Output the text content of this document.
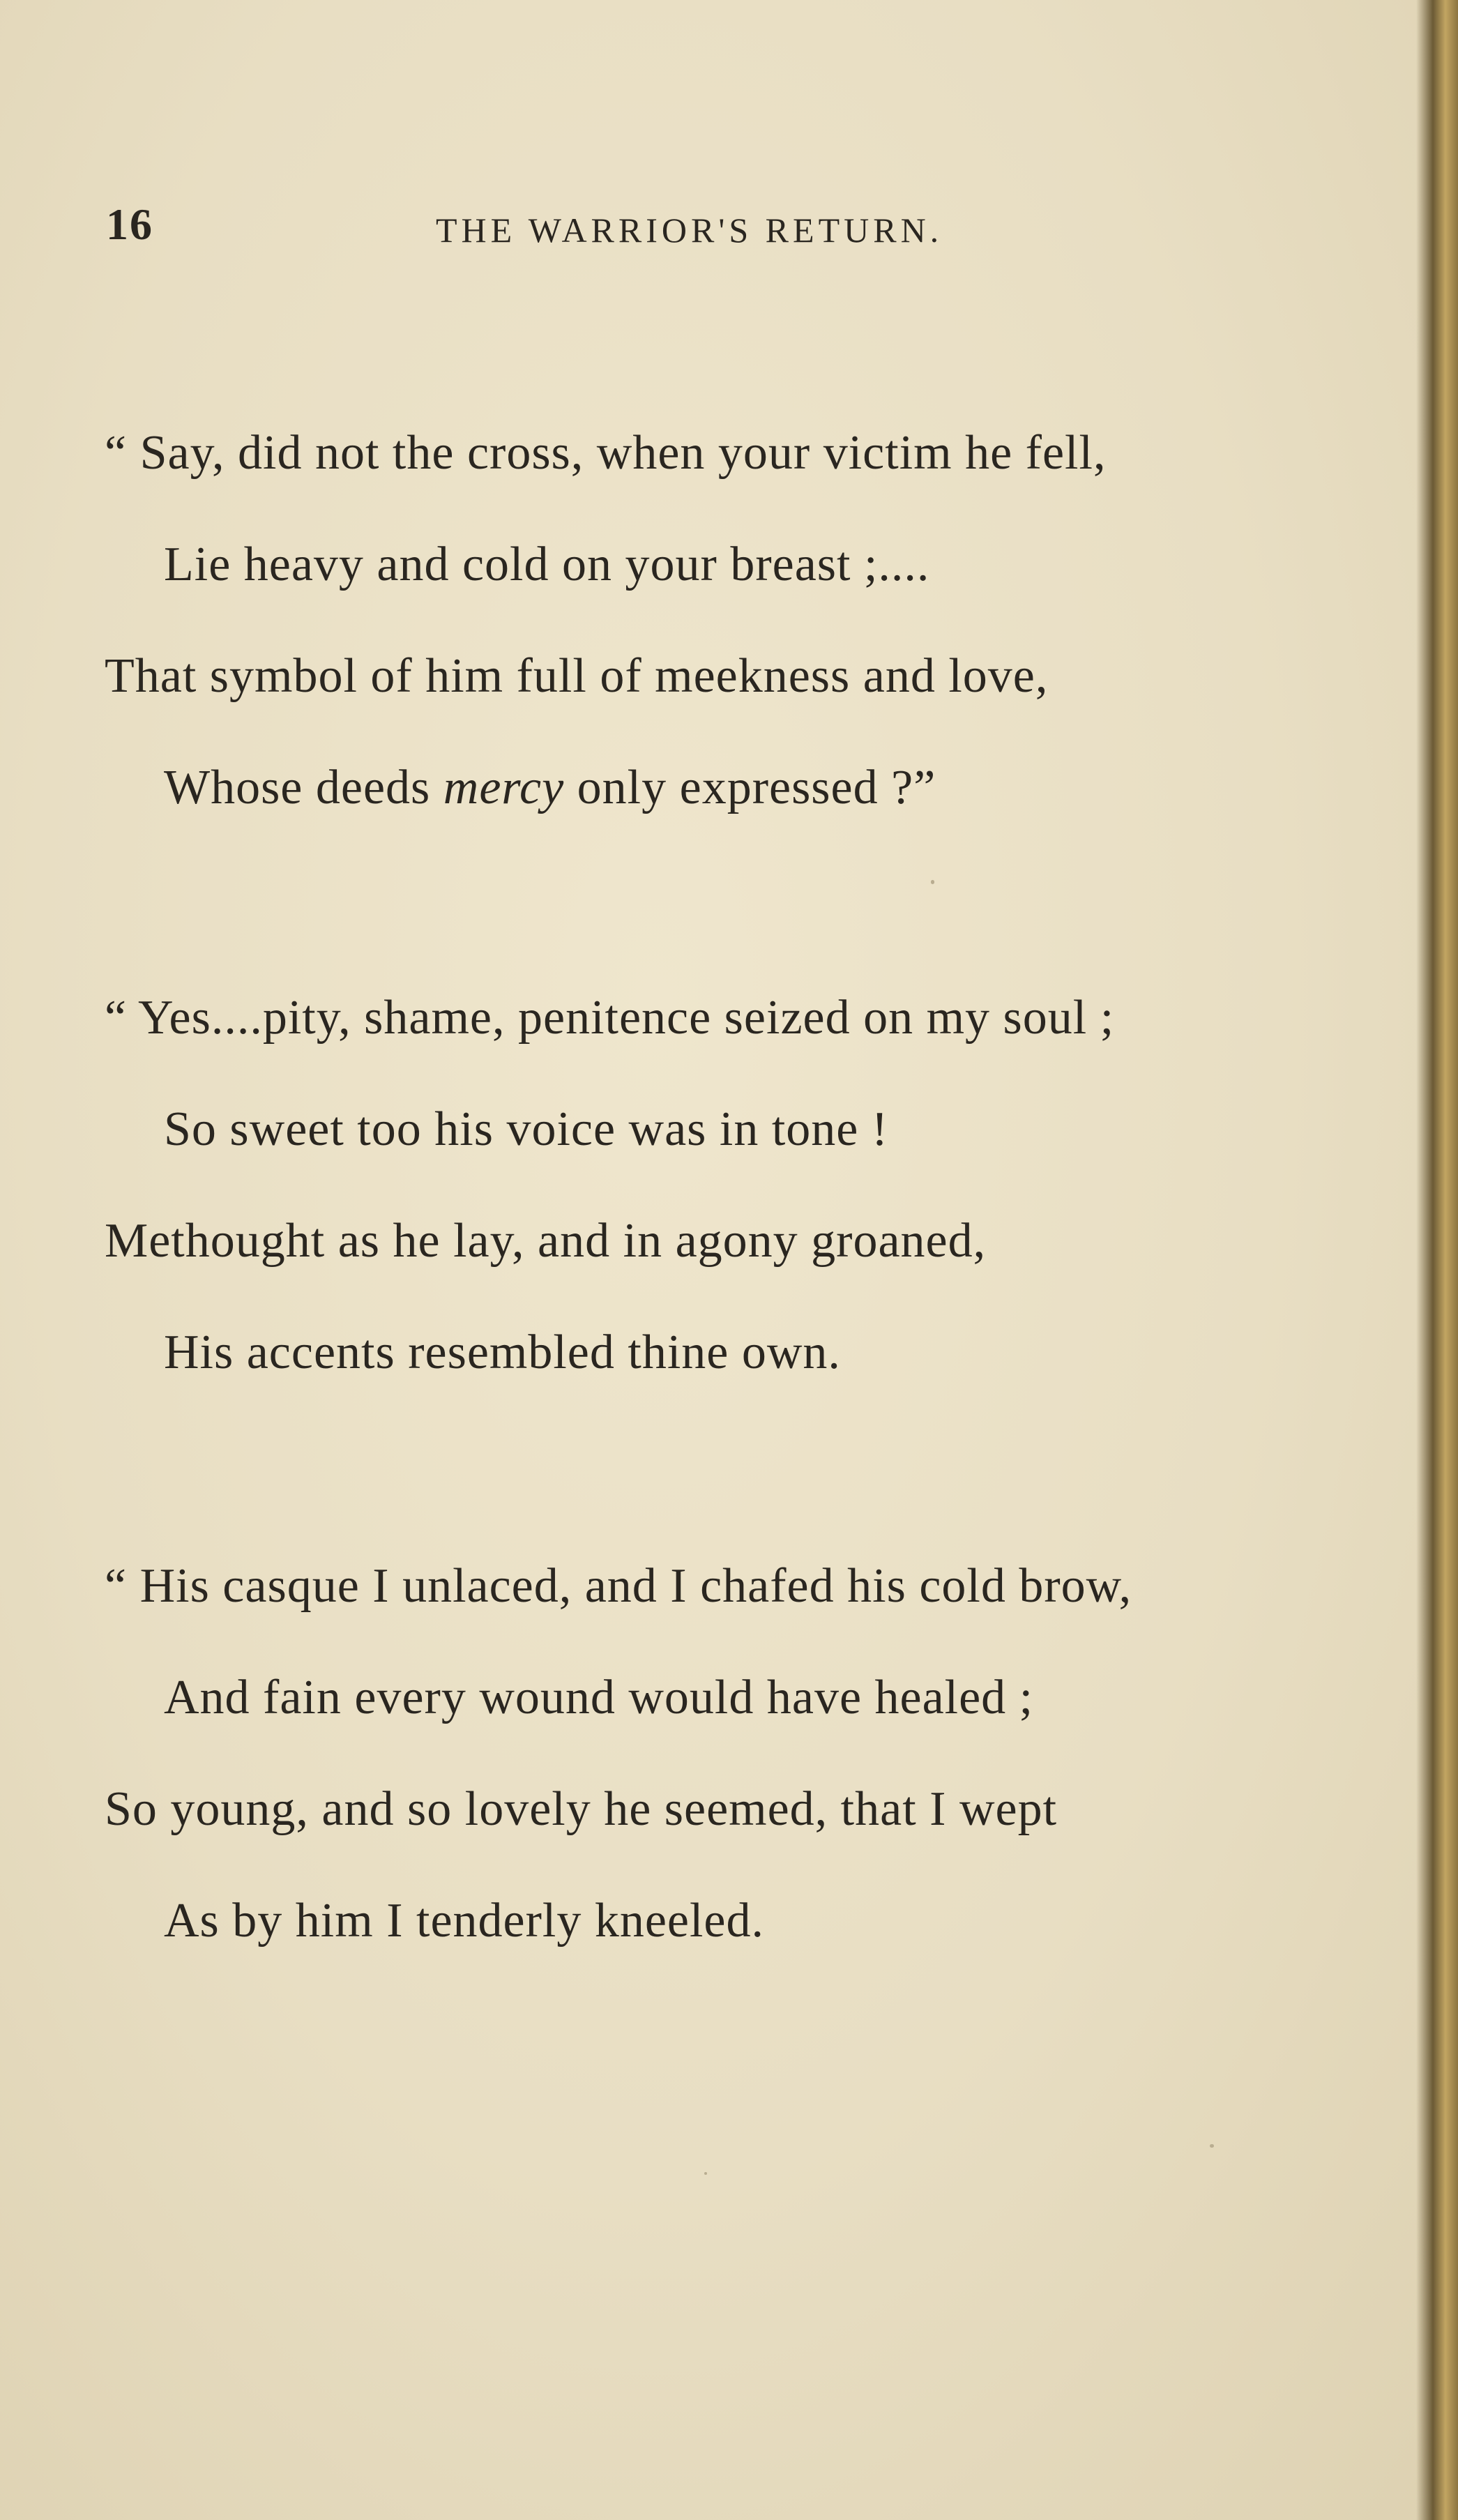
16	THE WARRIOR'S RETURN.
“ Say, did not the cross, when your victim he fell,
Lie heavy and cold on your breast ;....
That symbol of him full of meekness and love,
Whose deeds mercy only expressed ?”
“ Yes....pity, shame, penitence seized on my soul ;
So sweet too his voice was in tone !
Methought as he lay, and in agony groaned,
His accents resembled thine own.
“ His casque I unlaced, and I chafed his cold brow,
And fain every wound would have healed ;
So young, and so lovely he seemed, that I wept
As by him I tenderly kneeled.
